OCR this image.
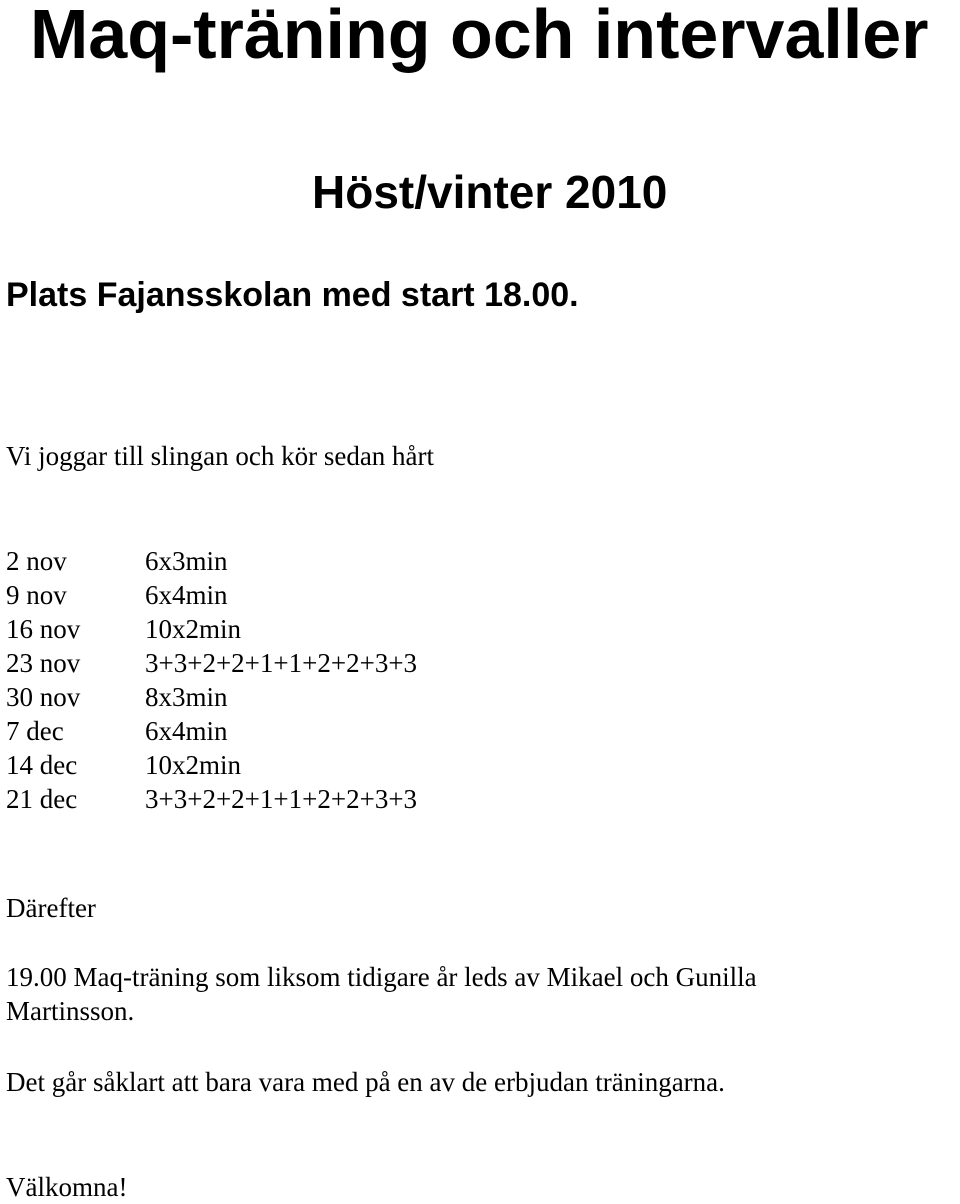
Maq-träning och intervaller
Höst/vinter 2010

Plats Fajansskolan med start 18.00.

Vi joggar till slingan och kör sedan hårt

2 nov	6x3min
9 nov	6x4min
16 nov	10x2min
23 nov	3+3+2+2+1+1+2+2+3+3
30 nov	8x3min
7 dec	6x4min
14 dec	10x2min
21 dec	3+3+2+2+1+1+2+2+3+3

Därefter

19.00 Maq-träning som liksom tidigare år leds av Mikael och Gunilla
Martinsson.

Det går såklart att bara vara med på en av de erbjudan träningarna.

Välkomna!
